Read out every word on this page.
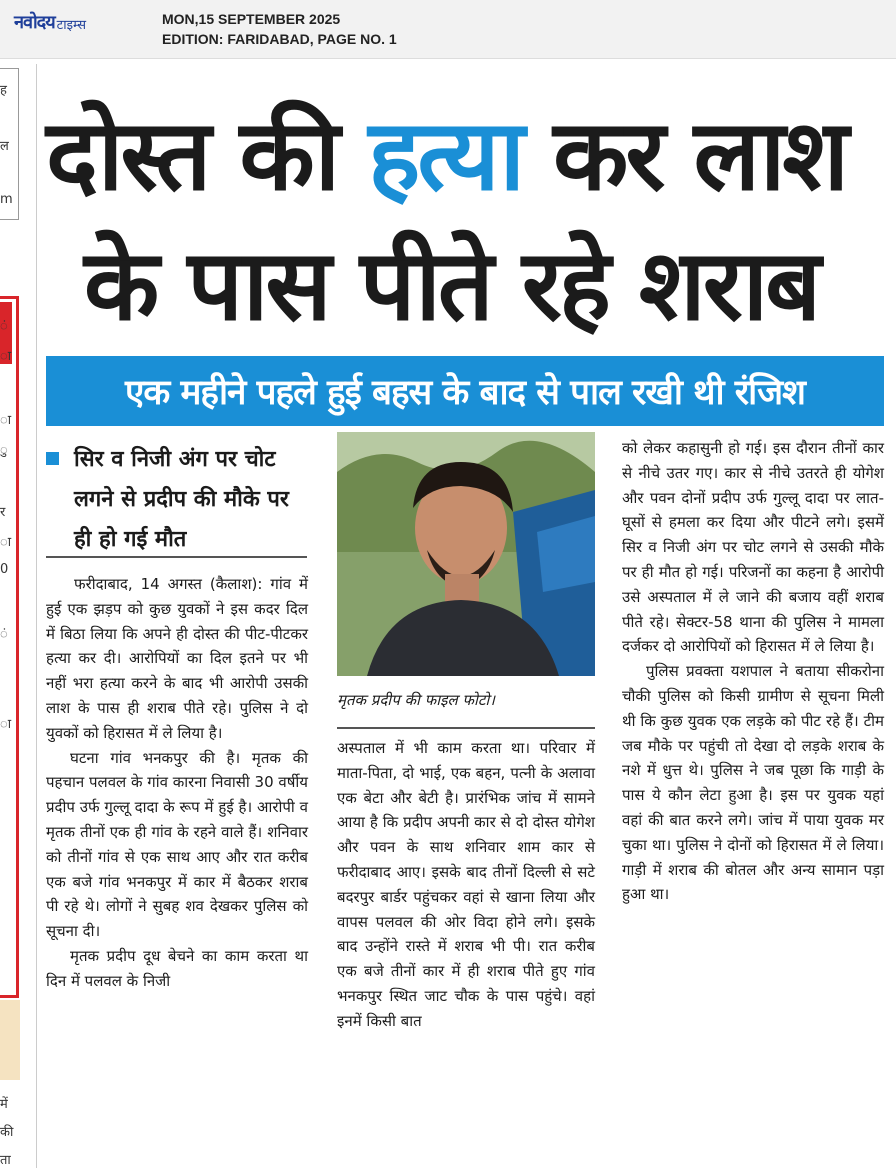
नवोदय टाइम्स	MON,15 SEPTEMBER 2025
EDITION: FARIDABAD, PAGE NO. 1
ह
ल
m
ं
ा
ा
ु
र
ा
0
ं
ा
में
की
ता
दोस्त की हत्या कर लाश
के पास पीते रहे शराब
एक महीने पहले हुई बहस के बाद से पाल रखी थी रंजिश
सिर व निजी अंग पर चोट लगने से प्रदीप की मौके पर ही हो गई मौत

फरीदाबाद, 14 अगस्त (कैलाश): गांव में हुई एक झड़प को कुछ युवकों ने इस कदर दिल में बिठा लिया कि अपने ही दोस्त की पीट-पीटकर हत्या कर दी। आरोपियों का दिल इतने पर भी नहीं भरा हत्या करने के बाद भी आरोपी उसकी लाश के पास ही शराब पीते रहे। पुलिस ने दो युवकों को हिरासत में ले लिया है।

घटना गांव भनकपुर की है। मृतक की पहचान पलवल के गांव कारना निवासी 30 वर्षीय प्रदीप उर्फ गुल्लू दादा के रूप में हुई है। आरोपी व मृतक तीनों एक ही गांव के रहने वाले हैं। शनिवार को तीनों गांव से एक साथ आए और रात करीब एक बजे गांव भनकपुर में कार में बैठकर शराब पी रहे थे। लोगों ने सुबह शव देखकर पुलिस को सूचना दी।

मृतक प्रदीप दूध बेचने का काम करता था दिन में पलवल के निजी

मृतक प्रदीप की फाइल फोटो।

अस्पताल में भी काम करता था। परिवार में माता-पिता, दो भाई, एक बहन, पत्नी के अलावा एक बेटा और बेटी है। प्रारंभिक जांच में सामने आया है कि प्रदीप अपनी कार से दो दोस्त योगेश और पवन के साथ शनिवार शाम कार से फरीदाबाद आए। इसके बाद तीनों दिल्ली से सटे बदरपुर बार्डर पहुंचकर वहां से खाना लिया और वापस पलवल की ओर विदा होने लगे। इसके बाद उन्होंने रास्ते में शराब भी पी। रात करीब एक बजे तीनों कार में ही शराब पीते हुए गांव भनकपुर स्थित जाट चौक के पास पहुंचे। वहां इनमें किसी बात

को लेकर कहासुनी हो गई। इस दौरान तीनों कार से नीचे उतर गए। कार से नीचे उतरते ही योगेश और पवन दोनों प्रदीप उर्फ गुल्लू दादा पर लात-घूसों से हमला कर दिया और पीटने लगे। इसमें सिर व निजी अंग पर चोट लगने से उसकी मौके पर ही मौत हो गई। परिजनों का कहना है आरोपी उसे अस्पताल में ले जाने की बजाय वहीं शराब पीते रहे। सेक्टर-58 थाना की पुलिस ने मामला दर्जकर दो आरोपियों को हिरासत में ले लिया है।

पुलिस प्रवक्ता यशपाल ने बताया सीकरोना चौकी पुलिस को किसी ग्रामीण से सूचना मिली थी कि कुछ युवक एक लड़के को पीट रहे हैं। टीम जब मौके पर पहुंची तो देखा दो लड़के शराब के नशे में धुत्त थे। पुलिस ने जब पूछा कि गाड़ी के पास ये कौन लेटा हुआ है। इस पर युवक यहां वहां की बात करने लगे। जांच में पाया युवक मर चुका था। पुलिस ने दोनों को हिरासत में ले लिया। गाड़ी में शराब की बोतल और अन्य सामान पड़ा हुआ था।
